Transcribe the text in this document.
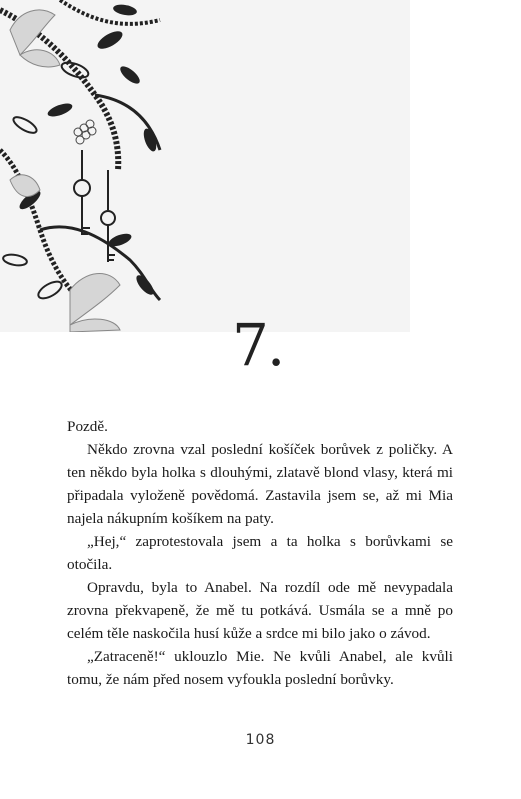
7.

Pozdě.

Někdo zrovna vzal poslední košíček borůvek z poličky. A ten někdo byla holka s dlouhými, zlatavě blond vlasy, která mi připadala vyloženě povědomá. Zastavila jsem se, až mi Mia najela nákupním košíkem na paty.

„Hej,“ zaprotestovala jsem a ta holka s borůvkami se otočila.

Opravdu, byla to Anabel. Na rozdíl ode mě nevypadala zrovna překvapeně, že mě tu potkává. Usmála se a mně po celém těle naskočila husí kůže a srdce mi bilo jako o závod.

„Zatraceně!“ uklouzlo Mie. Ne kvůli Anabel, ale kvůli tomu, že nám před nosem vyfoukla poslední borůvky.

108
